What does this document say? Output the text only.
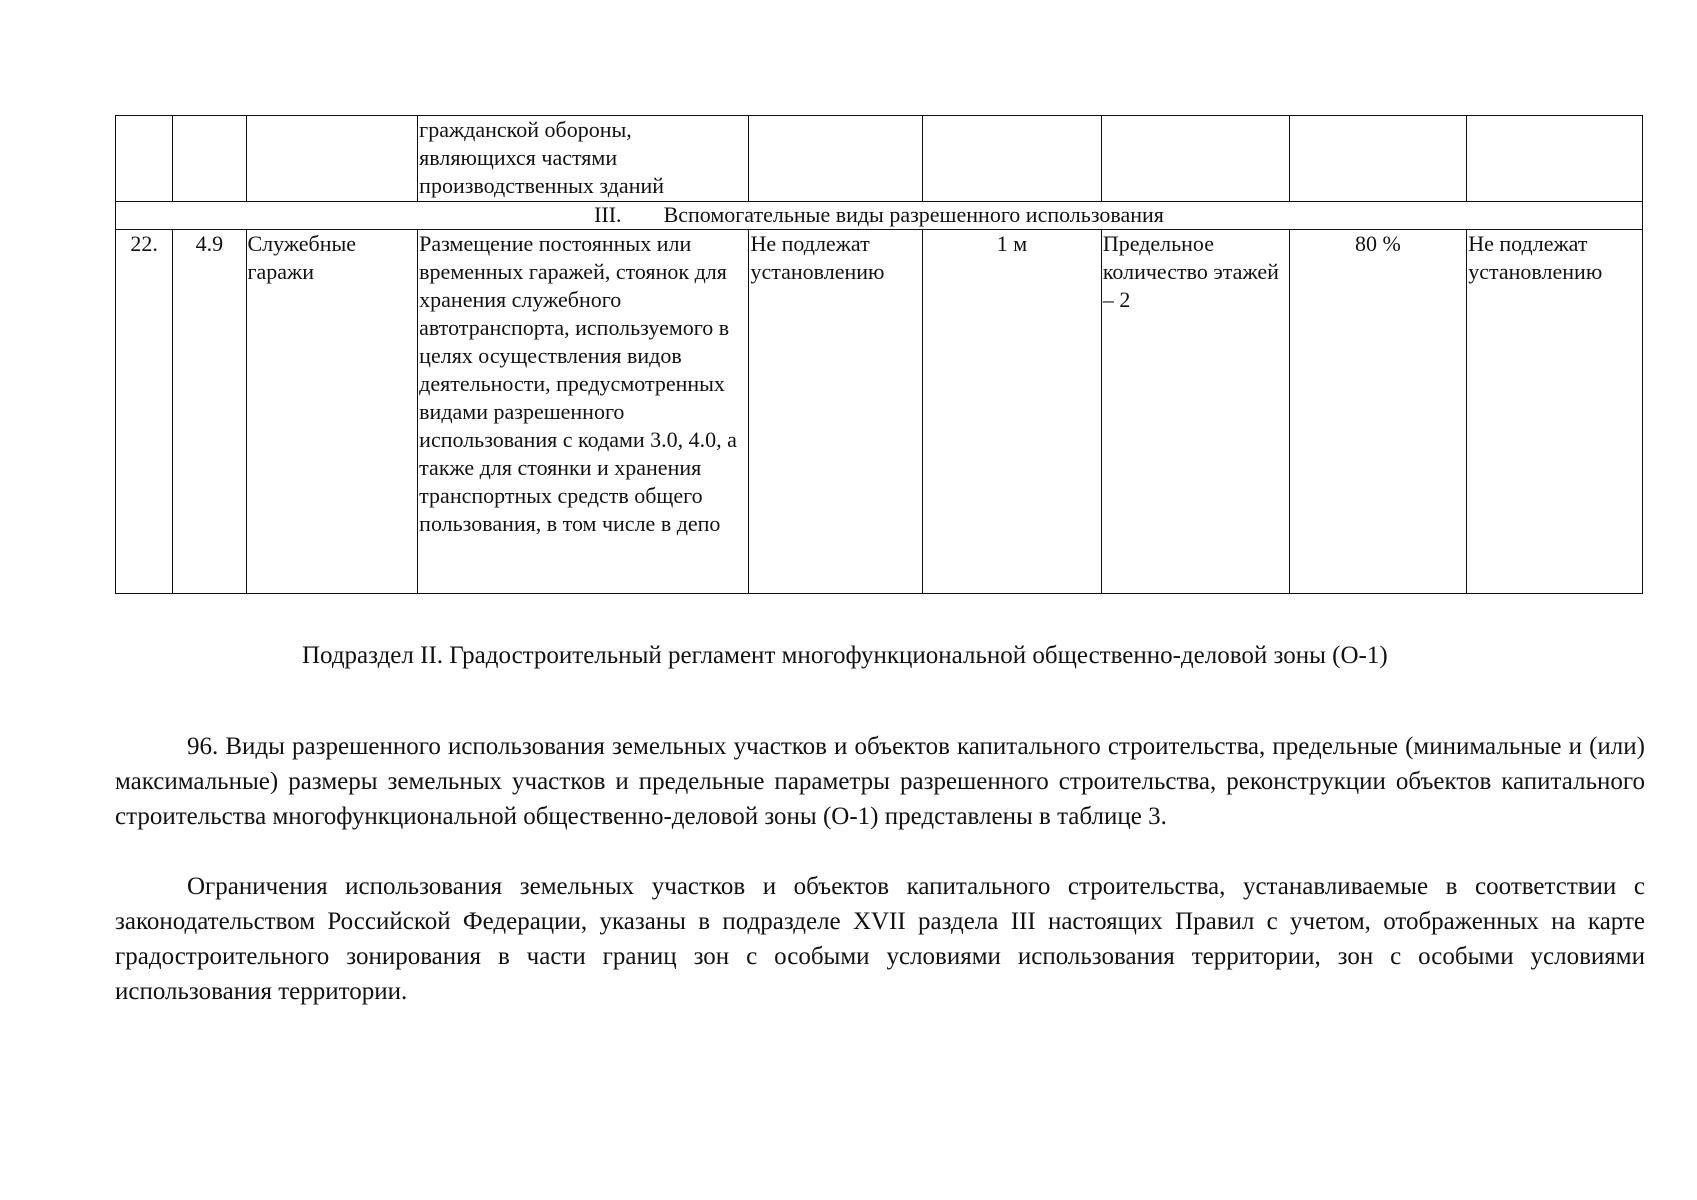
			гражданской обороны, являющихся частями производственных зданий					
III. Вспомогательные виды разрешенного использования								
22.	4.9	Служебные гаражи	Размещение постоянных или временных гаражей, стоянок для хранения служебного автотранспорта, используемого в целях осуществления видов деятельности, предусмотренных видами разрешенного использования с кодами 3.0, 4.0, а также для стоянки и хранения транспортных средств общего пользования, в том числе в депо	Не подлежат установлению	1 м	Предельное количество этажей – 2	80 %	Не подлежат установлению
Подраздел II. Градостроительный регламент многофункциональной общественно-деловой зоны (О-1)

96. Виды разрешенного использования земельных участков и объектов капитального строительства, предельные (минимальные и (или) максимальные) размеры земельных участков и предельные параметры разрешенного строительства, реконструкции объектов капитального строительства многофункциональной общественно-деловой зоны (О-1) представлены в таблице 3.

Ограничения использования земельных участков и объектов капитального строительства, устанавливаемые в соответствии с законодательством Российской Федерации, указаны в подразделе XVII раздела III настоящих Правил с учетом, отображенных на карте градостроительного зонирования в части границ зон с особыми условиями использования территории, зон с особыми условиями использования территории.
